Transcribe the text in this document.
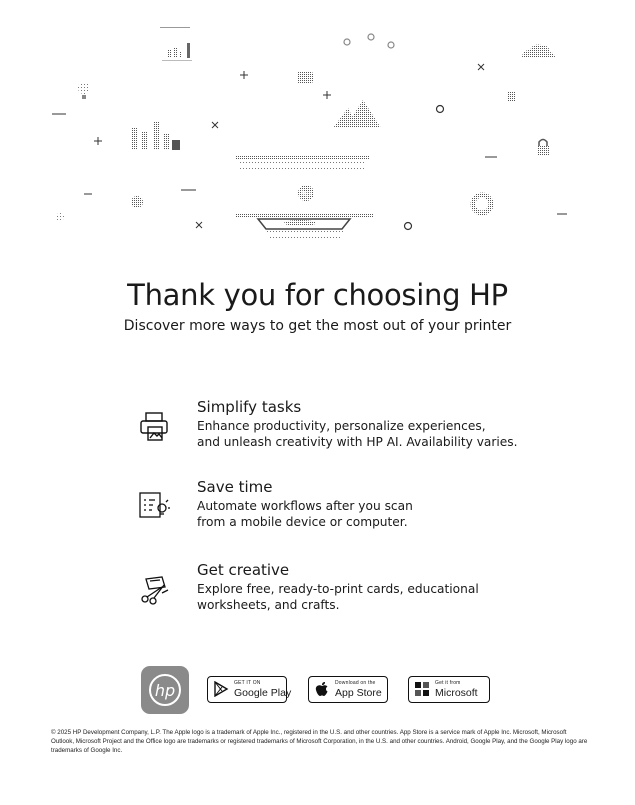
hp
Thank you for choosing HP

Discover more ways to get the most out of your printer

Simplify tasks

Enhance productivity, personalize experiences,

and unleash creativity with HP AI. Availability varies.

Save time

Automate workflows after you scan

from a mobile device or computer.

Get creative

Explore free, ready-to-print cards, educational

worksheets, and crafts.

hp	GET IT ON
Google Play
Download on the
App Store
Get it from
Microsoft

© 2025 HP Development Company, L.P. The Apple logo is a trademark of Apple Inc., registered in the U.S. and other countries. App Store is a service mark of Apple Inc. Microsoft, Microsoft Outlook, Microsoft Project and the Office logo are trademarks or registered trademarks of Microsoft Corporation, in the U.S. and other countries. Android, Google Play, and the Google Play logo are trademarks of Google Inc.
